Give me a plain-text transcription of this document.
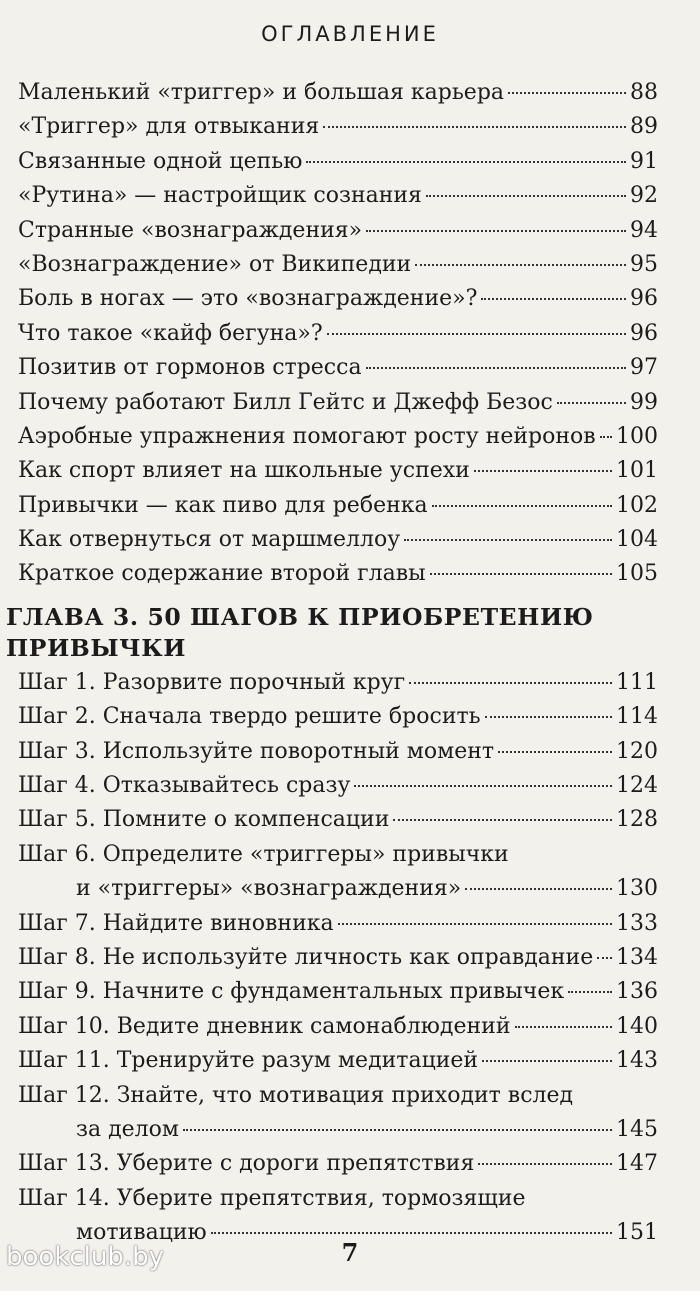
ОГЛАВЛЕНИЕ
Маленький «триггер» и большая карьера	88
«Триггер» для отвыкания	89
Связанные одной цепью	91
«Рутина» — настройщик сознания	92
Странные «вознаграждения»	94
«Вознаграждение» от Википедии	95
Боль в ногах — это «вознаграждение»?	96
Что такое «кайф бегуна»?	96
Позитив от гормонов стресса	97
Почему работают Билл Гейтс и Джефф Безос	99
Аэробные упражнения помогают росту нейронов 100
Как спорт влияет на школьные успехи	101
Привычки — как пиво для ребенка	102
Как отвернуться от маршмеллоу	104
Краткое содержание второй главы	105
ГЛАВА 3. 50 ШАГОВ К ПРИОБРЕТЕНИЮ ПРИВЫЧКИ
Шаг 1. Разорвите порочный круг	111
Шаг 2. Сначала твердо решите бросить	114
Шаг 3. Используйте поворотный момент	120
Шаг 4. Отказывайтесь сразу	124
Шаг 5. Помните о компенсации	128
Шаг 6. Определите «триггеры» привычки
и «триггеры» «вознаграждения»	130
Шаг 7. Найдите виновника	133
Шаг 8. Не используйте личность как оправдание 134
Шаг 9. Начните с фундаментальных привычек 136
Шаг 10. Ведите дневник самонаблюдений	140
Шаг 11. Тренируйте разум медитацией	143
Шаг 12. Знайте, что мотивация приходит вслед
за делом	145
Шаг 13. Уберите с дороги препятствия	147
Шаг 14. Уберите препятствия, тормозящие
мотивацию	151
7
bookclub.by
